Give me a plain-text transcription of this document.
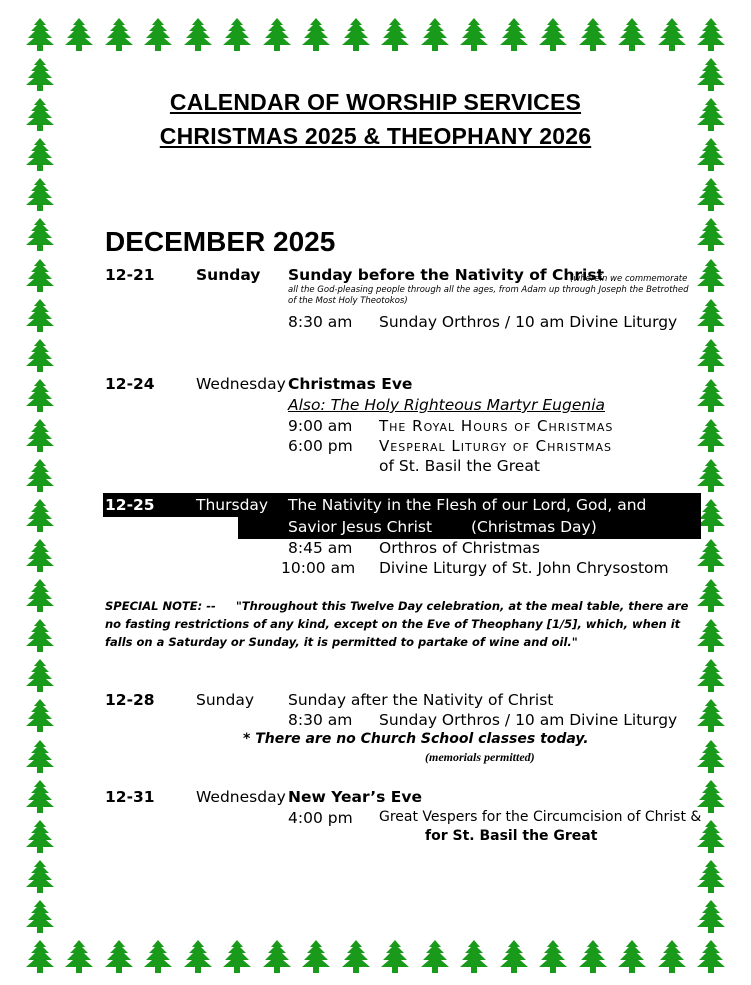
CALENDAR OF WORSHIP SERVICES
CHRISTMAS 2025 & THEOPHANY 2026
DECEMBER 2025
12-21	Sunday Sunday before the Nativity of Christ
(wherein we commemorate all the God-pleasing people through all the ages, from Adam up through Joseph the Betrothed of the Most Holy Theotokos)
8:30 am Sunday Orthros / 10 am Divine Liturgy
12-24	Wednesday Christmas Eve
Also: The Holy Righteous Martyr Eugenia
9:00 am The Royal Hours of Christmas
6:00 pm Vesperal Liturgy of Christmas
of St. Basil the Great
12-25	Thursday The Nativity in the Flesh of our Lord, God, and
Savior Jesus Christ	(Christmas Day)
8:45 am Orthros of Christmas
10:00 am Divine Liturgy of St. John Chrysostom
SPECIAL NOTE: -- "Throughout this Twelve Day celebration, at the meal table, there are no fasting restrictions of any kind, except on the Eve of Theophany [1/5], which, when it falls on a Saturday or Sunday, it is permitted to partake of wine and oil."
12-28	Sunday Sunday after the Nativity of Christ
8:30 am Sunday Orthros / 10 am Divine Liturgy
* There are no Church School classes today.
(memorials permitted)
12-31	Wednesday New Year’s Eve
4:00 pm Great Vespers for the Circumcision of Christ &
for St. Basil the Great
